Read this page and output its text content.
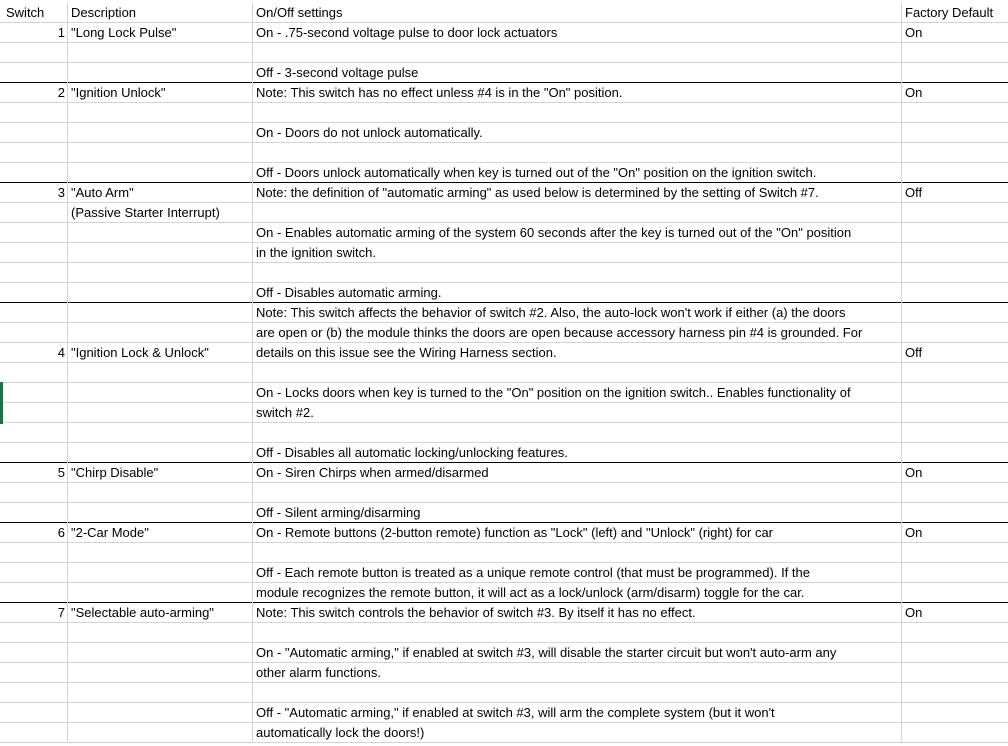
Switch	Description	On/Off settings	Factory Default
1 "Long Lock Pulse"	On - .75-second voltage pulse to door lock actuators	On
Off - 3-second voltage pulse
2 "Ignition Unlock"	Note: This switch has no effect unless #4 is in the "On" position.	On
On - Doors do not unlock automatically.
Off - Doors unlock automatically when key is turned out of the "On" position on the ignition switch.
3 "Auto Arm"	Note: the definition of "automatic arming" as used below is determined by the setting of Switch #7.	Off
(Passive Starter Interrupt)
On - Enables automatic arming of the system 60 seconds after the key is turned out of the "On" position
in the ignition switch.
Off - Disables automatic arming.
Note: This switch affects the behavior of switch #2. Also, the auto-lock won't work if either (a) the doors
are open or (b) the module thinks the doors are open because accessory harness pin #4 is grounded. For
4 "Ignition Lock & Unlock"	details on this issue see the Wiring Harness section.	Off
On - Locks doors when key is turned to the "On" position on the ignition switch.. Enables functionality of
switch #2.
Off - Disables all automatic locking/unlocking features.
5 "Chirp Disable"	On - Siren Chirps when armed/disarmed	On
Off - Silent arming/disarming
6 "2-Car Mode"	On - Remote buttons (2-button remote) function as "Lock" (left) and "Unlock" (right) for car	On
Off - Each remote button is treated as a unique remote control (that must be programmed). If the
module recognizes the remote button, it will act as a lock/unlock (arm/disarm) toggle for the car.
7 "Selectable auto-arming"	Note: This switch controls the behavior of switch #3. By itself it has no effect.	On
On - "Automatic arming," if enabled at switch #3, will disable the starter circuit but won't auto-arm any
other alarm functions.
Off - "Automatic arming," if enabled at switch #3, will arm the complete system (but it won't
automatically lock the doors!)
